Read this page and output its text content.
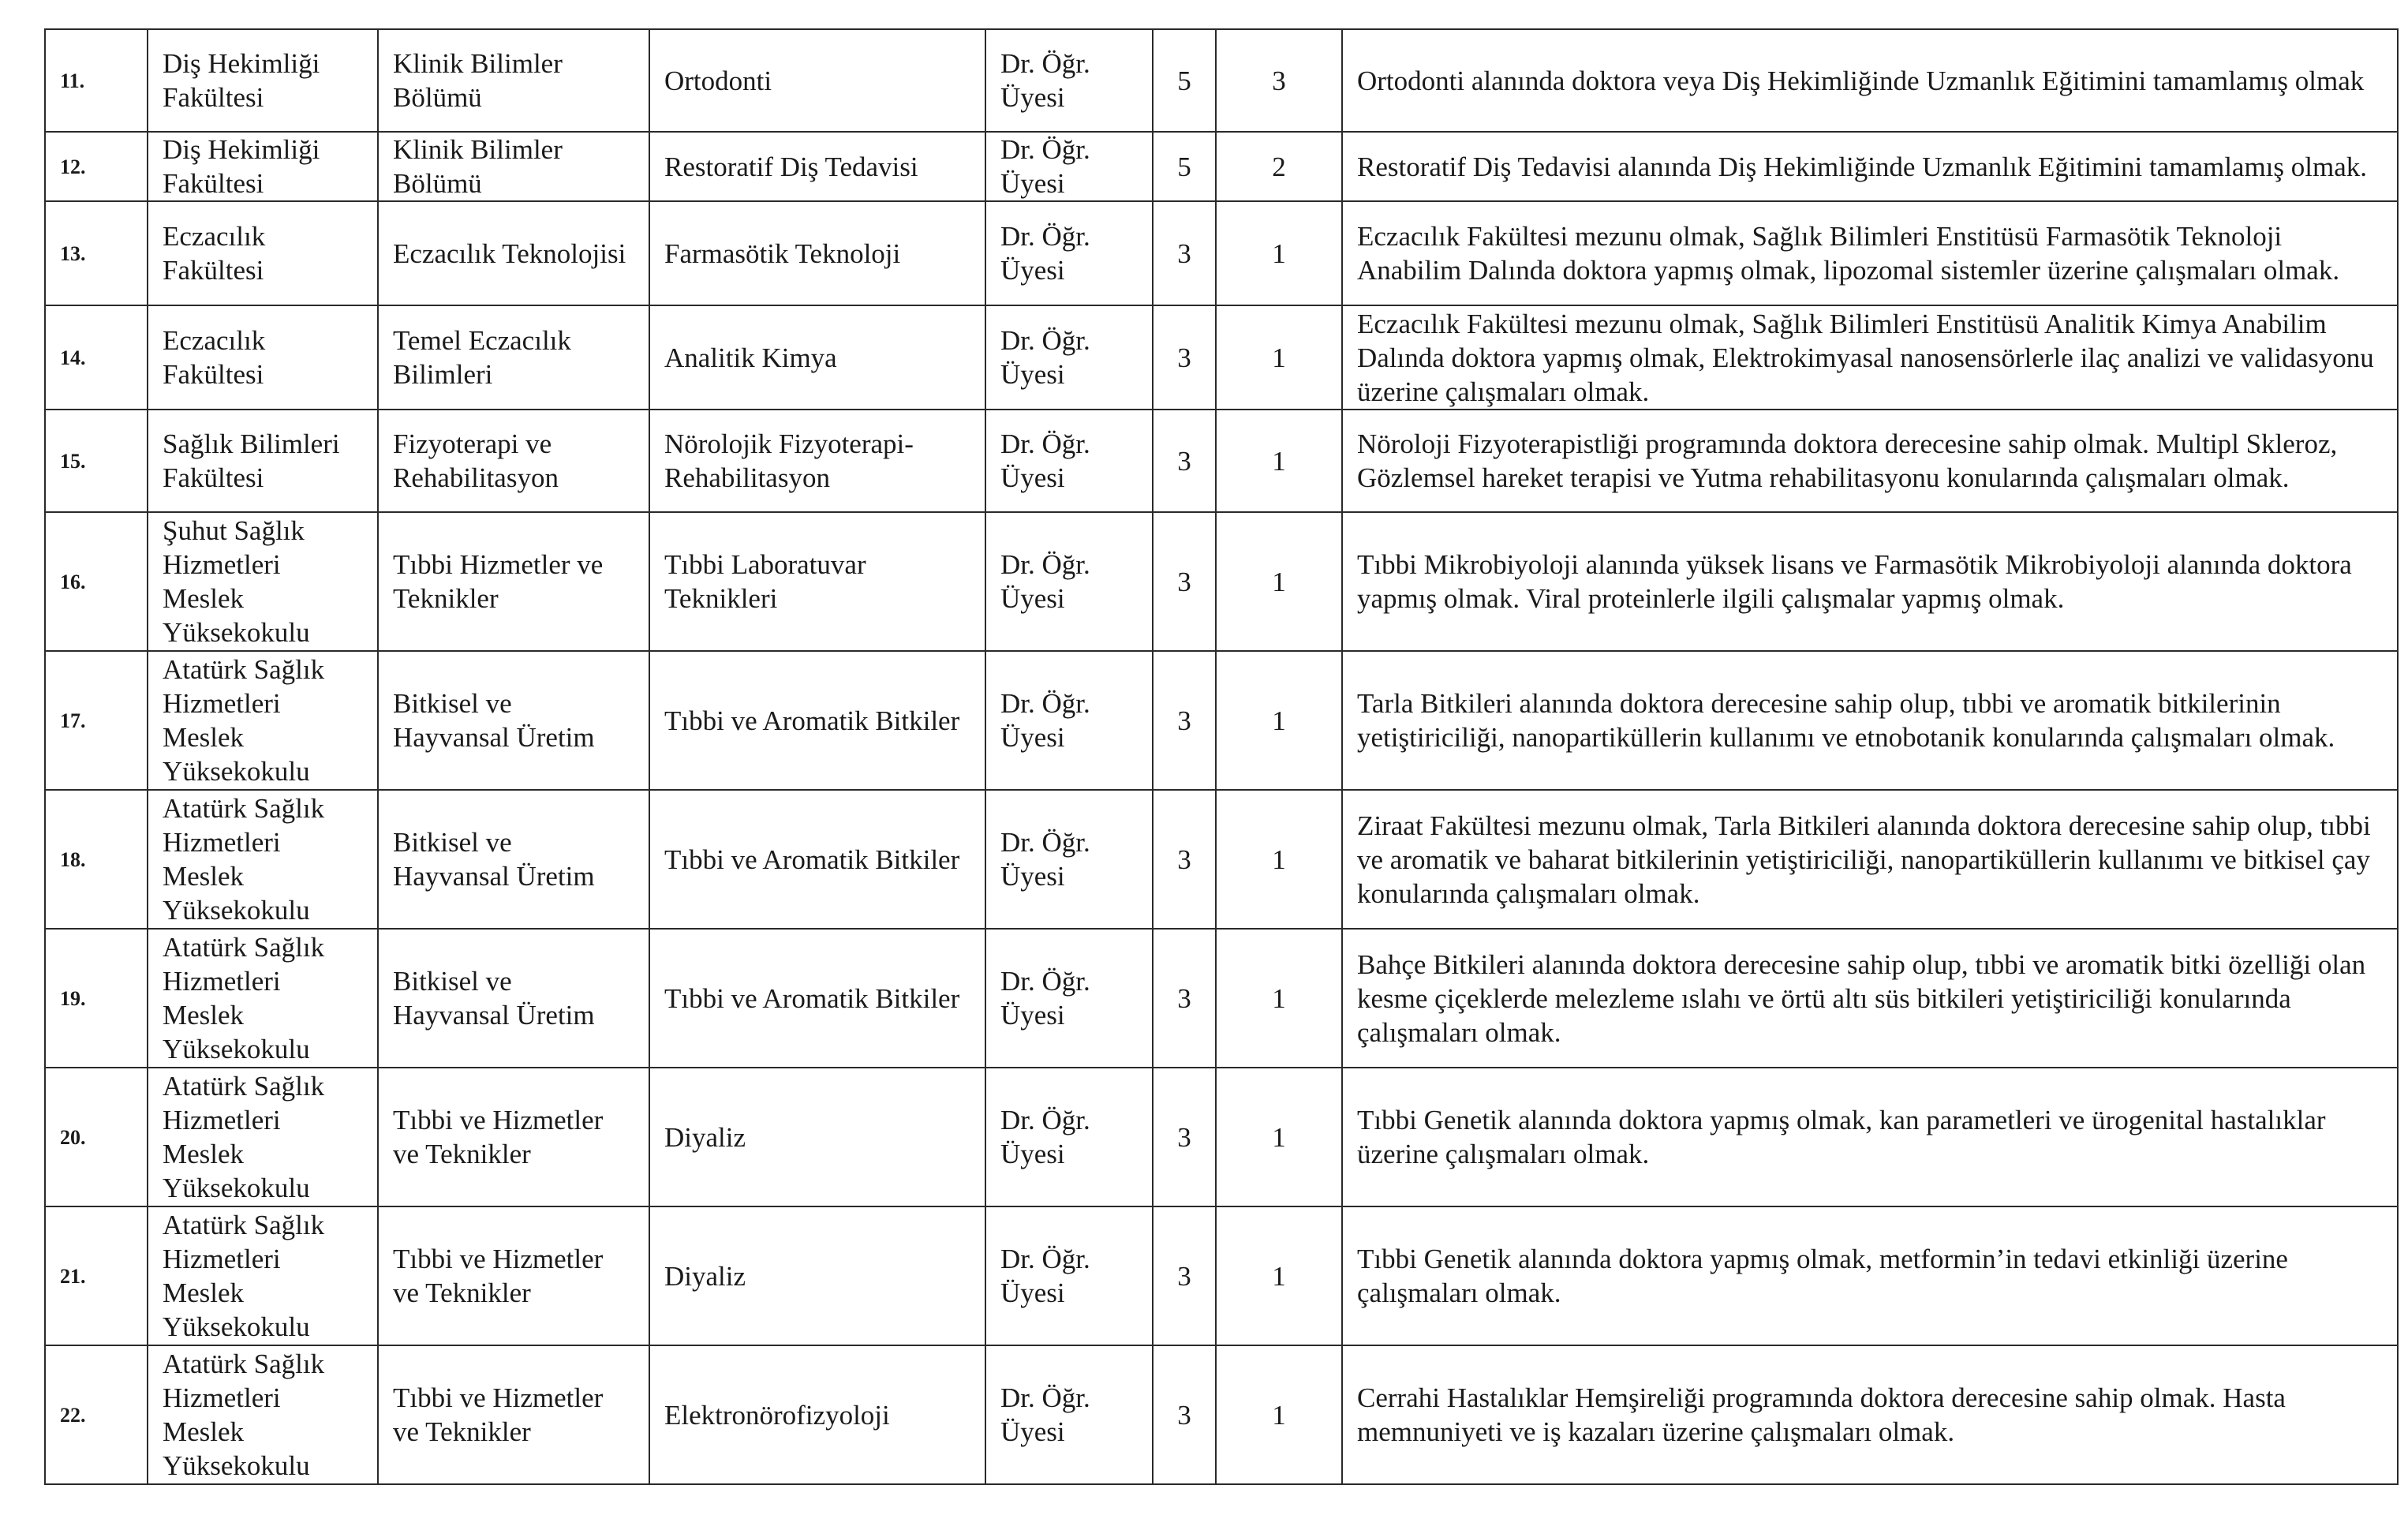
11.	Diş Hekimliği Fakültesi	Klinik Bilimler Bölümü	Ortodonti	Dr. Öğr. Üyesi	5	3	Ortodonti alanında doktora veya Diş Hekimliğinde Uzmanlık Eğitimini tamamlamış olmak
12.	Diş Hekimliği Fakültesi	Klinik Bilimler Bölümü	Restoratif Diş Tedavisi	Dr. Öğr. Üyesi	5	2	Restoratif Diş Tedavisi alanında Diş Hekimliğinde Uzmanlık Eğitimini tamamlamış olmak.
13.	Eczacılık Fakültesi	Eczacılık Teknolojisi	Farmasötik Teknoloji	Dr. Öğr. Üyesi	3	1	Eczacılık Fakültesi mezunu olmak, Sağlık Bilimleri Enstitüsü Farmasötik Teknoloji Anabilim Dalında doktora yapmış olmak, lipozomal sistemler üzerine çalışmaları olmak.
14.	Eczacılık Fakültesi	Temel Eczacılık Bilimleri	Analitik Kimya	Dr. Öğr. Üyesi	3	1	Eczacılık Fakültesi mezunu olmak, Sağlık Bilimleri Enstitüsü Analitik Kimya Anabilim Dalında doktora yapmış olmak, Elektrokimyasal nanosensörlerle ilaç analizi ve validasyonu üzerine çalışmaları olmak.
15.	Sağlık Bilimleri Fakültesi	Fizyoterapi ve Rehabilitasyon	Nörolojik Fizyoterapi-Rehabilitasyon	Dr. Öğr. Üyesi	3	1	Nöroloji Fizyoterapistliği programında doktora derecesine sahip olmak. Multipl Skleroz, Gözlemsel hareket terapisi ve Yutma rehabilitasyonu konularında çalışmaları olmak.
16.	Şuhut Sağlık Hizmetleri Meslek Yüksekokulu	Tıbbi Hizmetler ve Teknikler	Tıbbi Laboratuvar Teknikleri	Dr. Öğr. Üyesi	3	1	Tıbbi Mikrobiyoloji alanında yüksek lisans ve Farmasötik Mikrobiyoloji alanında doktora yapmış olmak. Viral proteinlerle ilgili çalışmalar yapmış olmak.
17.	Atatürk Sağlık Hizmetleri Meslek Yüksekokulu	Bitkisel ve Hayvansal Üretim	Tıbbi ve Aromatik Bitkiler	Dr. Öğr. Üyesi	3	1	Tarla Bitkileri alanında doktora derecesine sahip olup, tıbbi ve aromatik bitkilerinin yetiştiriciliği, nanopartiküllerin kullanımı ve etnobotanik konularında çalışmaları olmak.
18.	Atatürk Sağlık Hizmetleri Meslek Yüksekokulu	Bitkisel ve Hayvansal Üretim	Tıbbi ve Aromatik Bitkiler	Dr. Öğr. Üyesi	3	1	Ziraat Fakültesi mezunu olmak, Tarla Bitkileri alanında doktora derecesine sahip olup, tıbbi ve aromatik ve baharat bitkilerinin yetiştiriciliği, nanopartiküllerin kullanımı ve bitkisel çay konularında çalışmaları olmak.
19.	Atatürk Sağlık Hizmetleri Meslek Yüksekokulu	Bitkisel ve Hayvansal Üretim	Tıbbi ve Aromatik Bitkiler	Dr. Öğr. Üyesi	3	1	Bahçe Bitkileri alanında doktora derecesine sahip olup, tıbbi ve aromatik bitki özelliği olan kesme çiçeklerde melezleme ıslahı ve örtü altı süs bitkileri yetiştiriciliği konularında çalışmaları olmak.
20.	Atatürk Sağlık Hizmetleri Meslek Yüksekokulu	Tıbbi ve Hizmetler ve Teknikler	Diyaliz	Dr. Öğr. Üyesi	3	1	Tıbbi Genetik alanında doktora yapmış olmak, kan parametleri ve ürogenital hastalıklar üzerine çalışmaları olmak.
21.	Atatürk Sağlık Hizmetleri Meslek Yüksekokulu	Tıbbi ve Hizmetler ve Teknikler	Diyaliz	Dr. Öğr. Üyesi	3	1	Tıbbi Genetik alanında doktora yapmış olmak, metformin’in tedavi etkinliği üzerine çalışmaları olmak.
22.	Atatürk Sağlık Hizmetleri Meslek Yüksekokulu	Tıbbi ve Hizmetler ve Teknikler	Elektronörofizyoloji	Dr. Öğr. Üyesi	3	1	Cerrahi Hastalıklar Hemşireliği programında doktora derecesine sahip olmak. Hasta memnuniyeti ve iş kazaları üzerine çalışmaları olmak.
